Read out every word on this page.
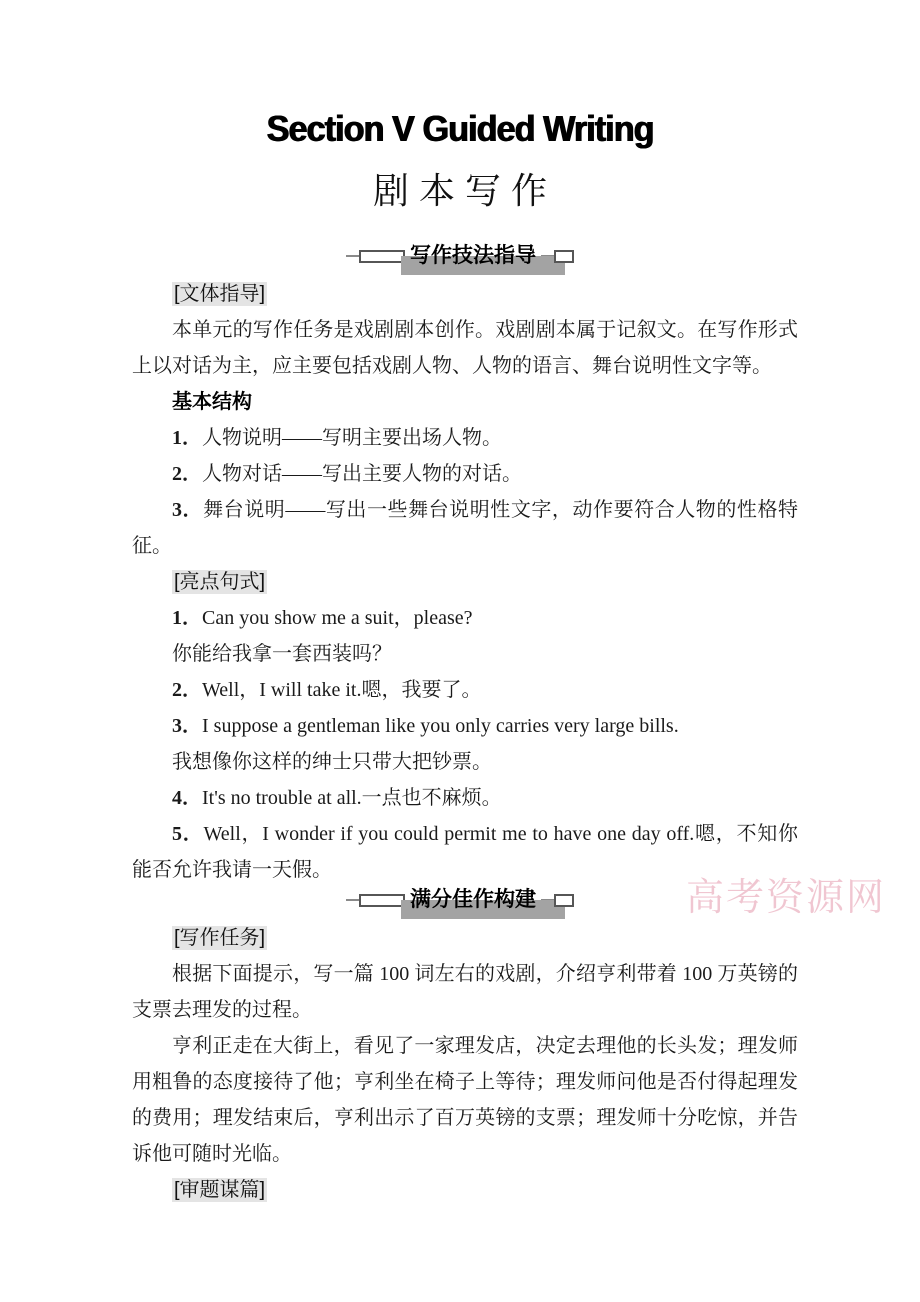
高考资源网
Section V Guided Writing
剧本写作
写作技法指导

[文体指导]

本单元的写作任务是戏剧剧本创作。戏剧剧本属于记叙文。在写作形式上以对话为主，应主要包括戏剧人物、人物的语言、舞台说明性文字等。

基本结构

1．人物说明——写明主要出场人物。

2．人物对话——写出主要人物的对话。

3．舞台说明——写出一些舞台说明性文字，动作要符合人物的性格特征。

[亮点句式]

1．Can you show me a suit，please?

你能给我拿一套西装吗？

2．Well，I will take it.嗯，我要了。

3．I suppose a gentleman like you only carries very large bills.

我想像你这样的绅士只带大把钞票。

4．It's no trouble at all.一点也不麻烦。

5．Well，I wonder if you could permit me to have one day off.嗯，不知你能否允许我请一天假。

满分佳作构建

[写作任务]

根据下面提示，写一篇 100 词左右的戏剧，介绍亨利带着 100 万英镑的支票去理发的过程。

亨利正走在大街上，看见了一家理发店，决定去理他的长头发；理发师用粗鲁的态度接待了他；亨利坐在椅子上等待；理发师问他是否付得起理发的费用；理发结束后，亨利出示了百万英镑的支票；理发师十分吃惊，并告诉他可随时光临。

[审题谋篇]
